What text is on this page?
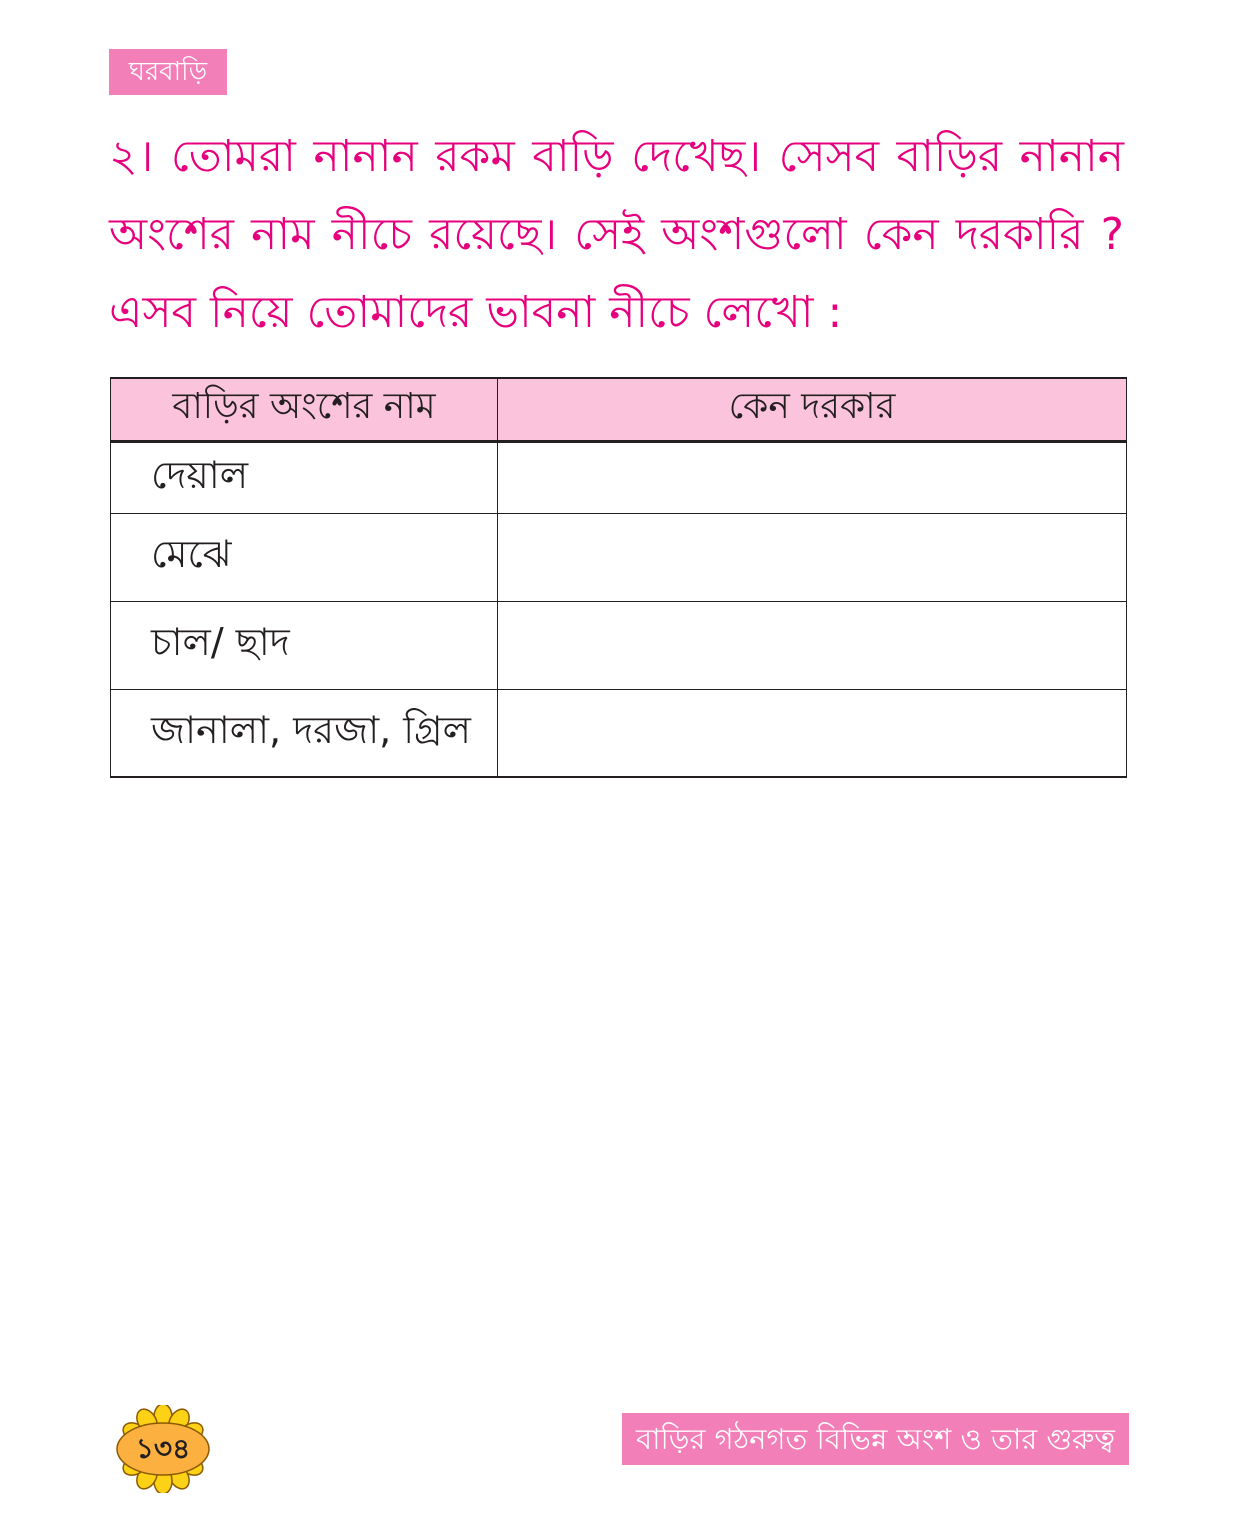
ঘরবাড়ি

২। তোমরা নানান রকম বাড়ি দেখেছ। সেসব বাড়ির নানান অংশের নাম নীচে রয়েছে। সেই অংশগুলো কেন দরকারি ? এসব নিয়ে তোমাদের ভাবনা নীচে লেখো :

বাড়ির অংশের নাম	কেন দরকার
দেয়াল	
মেঝে	
চাল/ ছাদ	
জানালা, দরজা, গ্রিল	
১৩৪	বাড়ির গঠনগত বিভিন্ন অংশ ও তার গুরুত্ব
